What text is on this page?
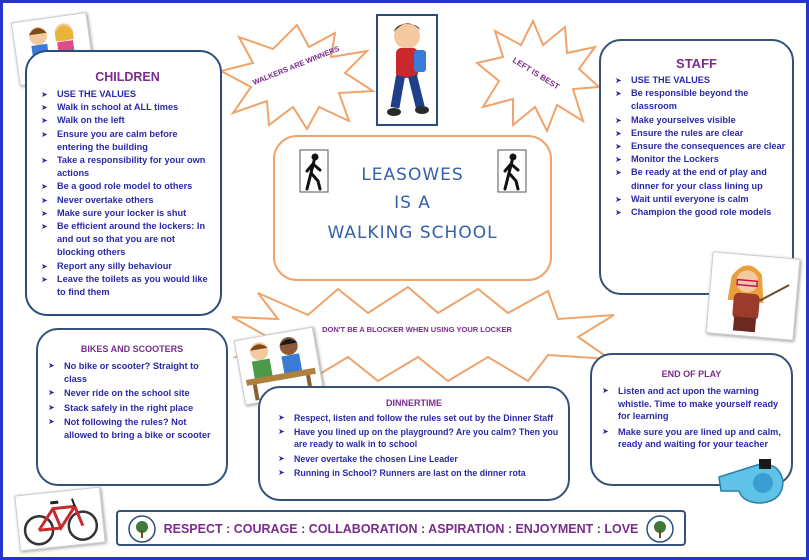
WALKERS ARE WINNERS	LEFT IS BEST
DON'T BE A BLOCKER WHEN USING YOUR LOCKER
CHILDREN
➤ USE THE VALUES
➤ Walk in school at ALL times
➤ Walk on the left
➤ Ensure you are calm before entering the building
➤ Take a responsibility for your own actions
➤ Be a good role model to others
➤ Never overtake others
➤ Make sure your locker is shut
➤ Be efficient around the lockers: In and out so that you are not blocking others
➤ Report any silly behaviour
➤ Leave the toilets as you would like to find them
STAFF
➤ USE THE VALUES
➤ Be responsible beyond the classroom
➤ Make yourselves visible
➤ Ensure the rules are clear
➤ Ensure the consequences are clear
➤ Monitor the Lockers
➤ Be ready at the end of play and dinner for your class lining up
➤ Wait until everyone is calm
➤ Champion the good role models
LEASOWES
IS A
WALKING SCHOOL
BIKES AND SCOOTERS
➤ No bike or scooter? Straight to class
➤ Never ride on the school site
➤ Stack safely in the right place
➤ Not following the rules? Not allowed to bring a bike or scooter
DINNERTIME
➤ Respect, listen and follow the rules set out by the Dinner Staff
➤ Have you lined up on the playground? Are you calm? Then you are ready to walk in to school
➤ Never overtake the chosen Line Leader
➤ Running in School? Runners are last on the dinner rota
END OF PLAY
➤ Listen and act upon the warning whistle. Time to make yourself ready for learning
➤ Make sure you are lined up and calm, ready and waiting for your teacher
RESPECT : COURAGE : COLLABORATION : ASPIRATION : ENJOYMENT : LOVE
